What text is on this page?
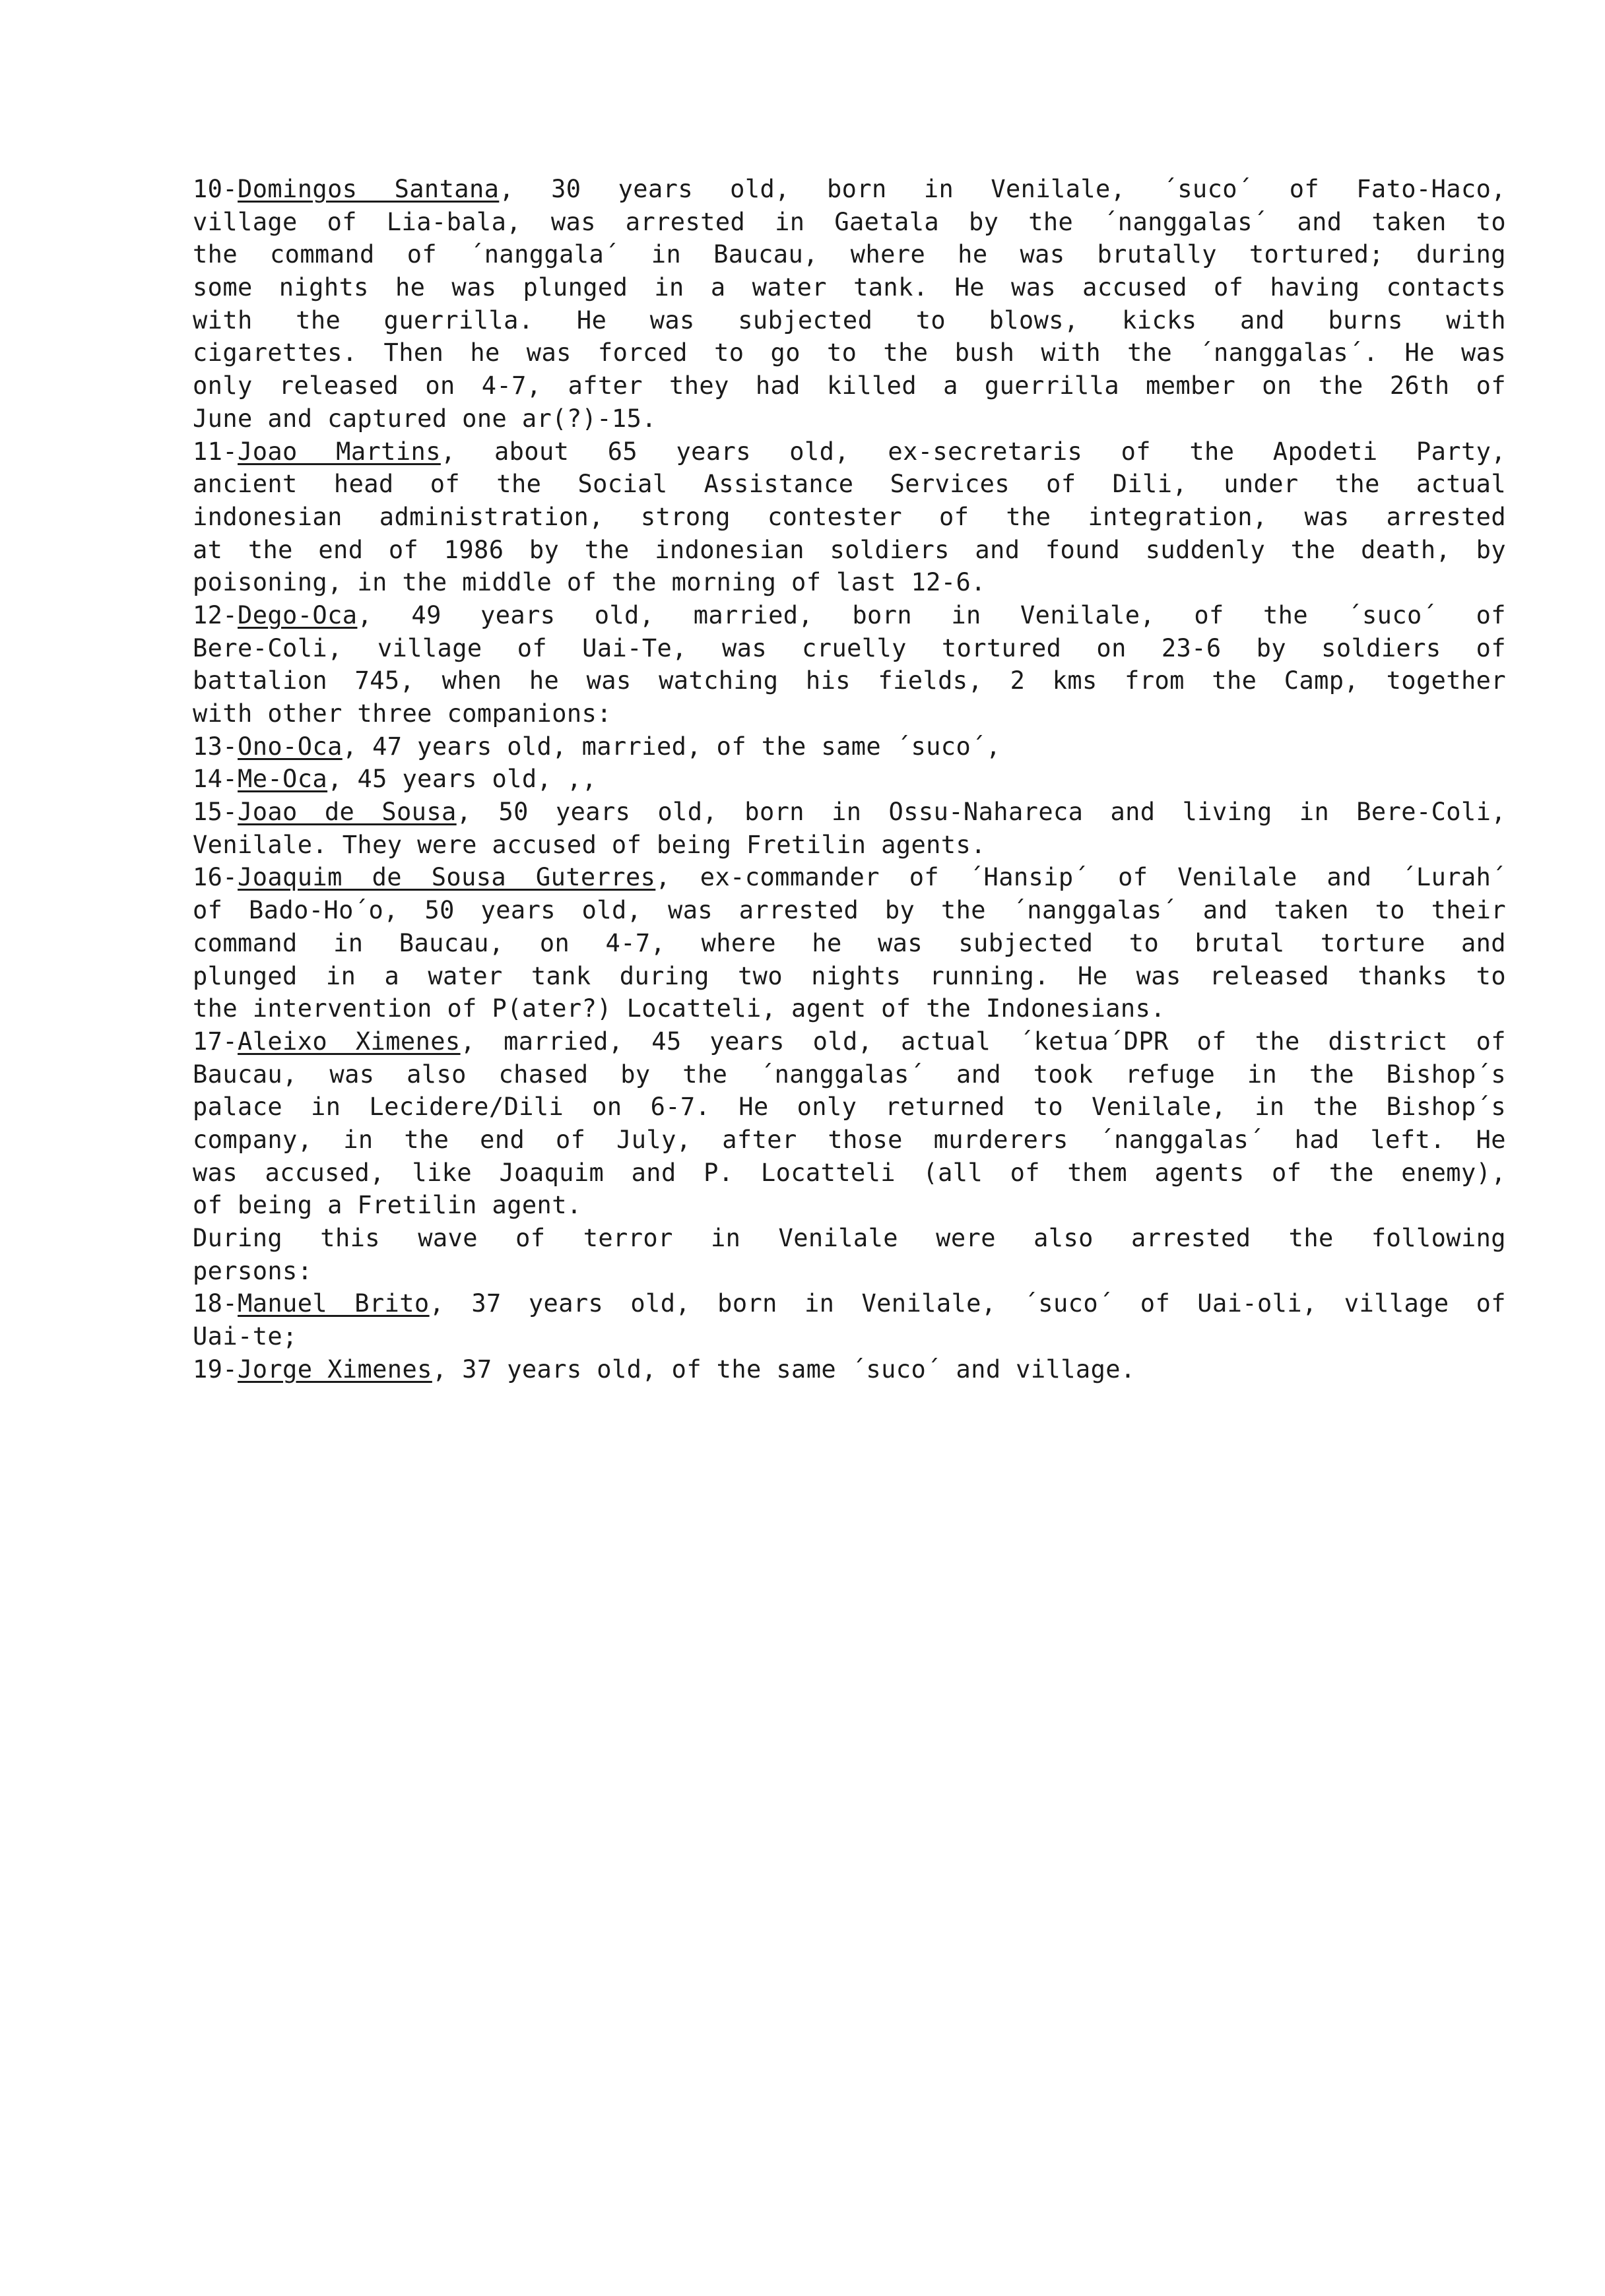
10-Domingos Santana, 30 years old, born in Venilale, ´suco´ of Fato-Haco,
village of Lia-bala, was arrested in Gaetala by the ´nanggalas´ and taken to
the command of ´nanggala´ in Baucau, where he was brutally tortured; during
some nights he was plunged in a water tank. He was accused of having contacts
with the guerrilla. He was subjected to blows, kicks and burns with
cigarettes. Then he was forced to go to the bush with the ´nanggalas´. He was
only released on 4-7, after they had killed a guerrilla member on the 26th of
June and captured one ar(?)-15.
11-Joao Martins, about 65 years old, ex-secretaris of the Apodeti Party,
ancient head of the Social Assistance Services of Dili, under the actual
indonesian administration, strong contester of the integration, was arrested
at the end of 1986 by the indonesian soldiers and found suddenly the death, by
poisoning, in the middle of the morning of last 12-6.
12-Dego-Oca, 49 years old, married, born in Venilale, of the ´suco´ of
Bere-Coli, village of Uai-Te, was cruelly tortured on 23-6 by soldiers of
battalion 745, when he was watching his fields, 2 kms from the Camp, together
with other three companions:
13-Ono-Oca, 47 years old, married, of the same ´suco´,
14-Me-Oca, 45 years old, ,,
15-Joao de Sousa, 50 years old, born in Ossu-Nahareca and living in Bere-Coli,
Venilale. They were accused of being Fretilin agents.
16-Joaquim de Sousa Guterres, ex-commander of ´Hansip´ of Venilale and ´Lurah´
of Bado-Ho´o, 50 years old, was arrested by the ´nanggalas´ and taken to their
command in Baucau, on 4-7, where he was subjected to brutal torture and
plunged in a water tank during two nights running. He was released thanks to
the intervention of P(ater?) Locatteli, agent of the Indonesians.
17-Aleixo Ximenes, married, 45 years old, actual ´ketua´DPR of the district of
Baucau, was also chased by the ´nanggalas´ and took refuge in the Bishop´s
palace in Lecidere/Dili on 6-7. He only returned to Venilale, in the Bishop´s
company, in the end of July, after those murderers ´nanggalas´ had left. He
was accused, like Joaquim and P. Locatteli (all of them agents of the enemy),
of being a Fretilin agent.
During this wave of terror in Venilale were also arrested the following
persons:
18-Manuel Brito, 37 years old, born in Venilale, ´suco´ of Uai-oli, village of
Uai-te;
19-Jorge Ximenes, 37 years old, of the same ´suco´ and village.
